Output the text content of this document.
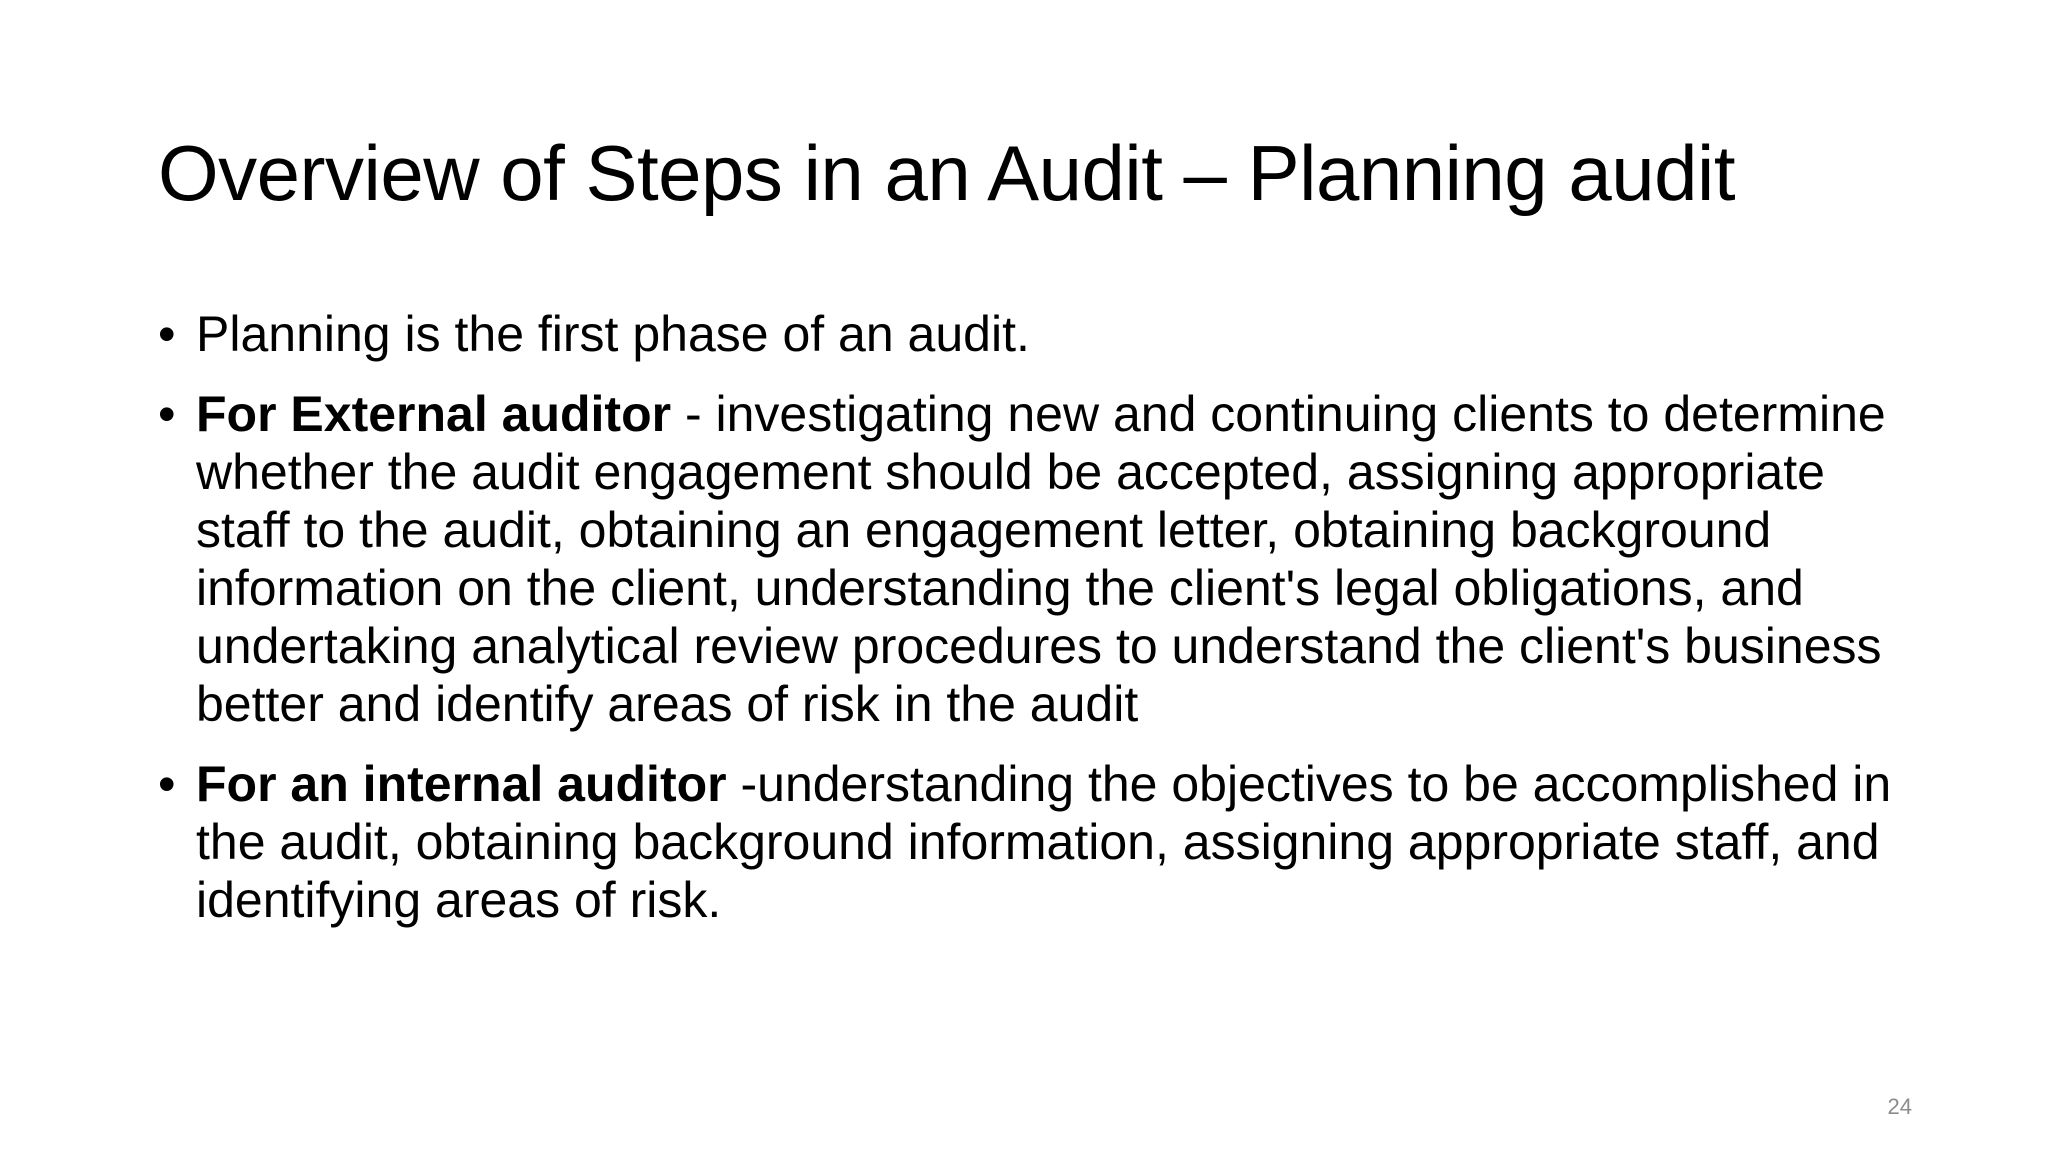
Overview of Steps in an Audit – Planning audit
• Planning is the first phase of an audit.
• For External auditor - investigating new and continuing clients to determine whether the audit engagement should be accepted, assigning appropriate staff to the audit, obtaining an engagement letter, obtaining background information on the client, understanding the client's legal obligations, and undertaking analytical review procedures to understand the client's business better and identify areas of risk in the audit
• For an internal auditor -understanding the objectives to be accomplished in the audit, obtaining background information, assigning appropriate staff, and identifying areas of risk.
24
